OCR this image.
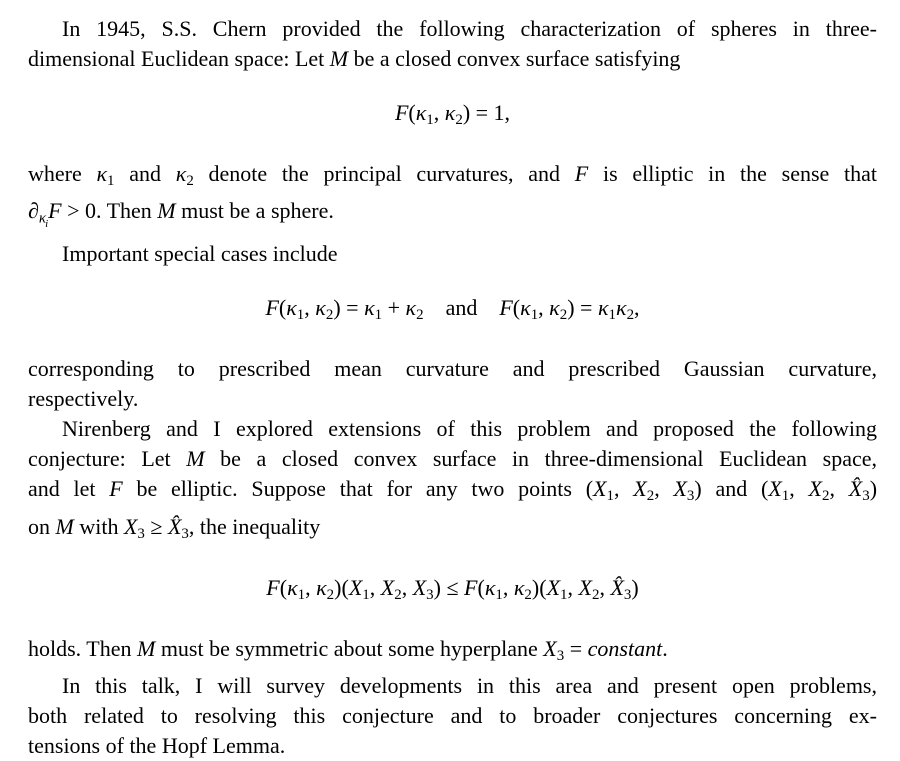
In 1945, S.S. Chern provided the following characterization of spheres in three-
dimensional Euclidean space: Let M be a closed convex surface satisfying
F(κ1, κ2) = 1,
where κ1 and κ2 denote the principal curvatures, and F is elliptic in the sense that
$\partial_{\kappa i}F > 0$. Then M must be a sphere.
Important special cases include
F(κ1, κ2) = κ1 + κ2 and F(κ1, κ2) = κ1κ2,
corresponding to prescribed mean curvature and prescribed Gaussian curvature,
respectively.
Nirenberg and I explored extensions of this problem and proposed the following
conjecture: Let M be a closed convex surface in three-dimensional Euclidean space,
and let F be elliptic. Suppose that for any two points (X1, X2, X3) and (X1, X2, X̂3)
on M with X3 ≥ X̂3, the inequality
F(κ1, κ2)(X1, X2, X3) ≤ F(κ1, κ2)(X1, X2, X̂3)
holds. Then M must be symmetric about some hyperplane X3 = constant.
In this talk, I will survey developments in this area and present open problems,
both related to resolving this conjecture and to broader conjectures concerning ex-
tensions of the Hopf Lemma.
